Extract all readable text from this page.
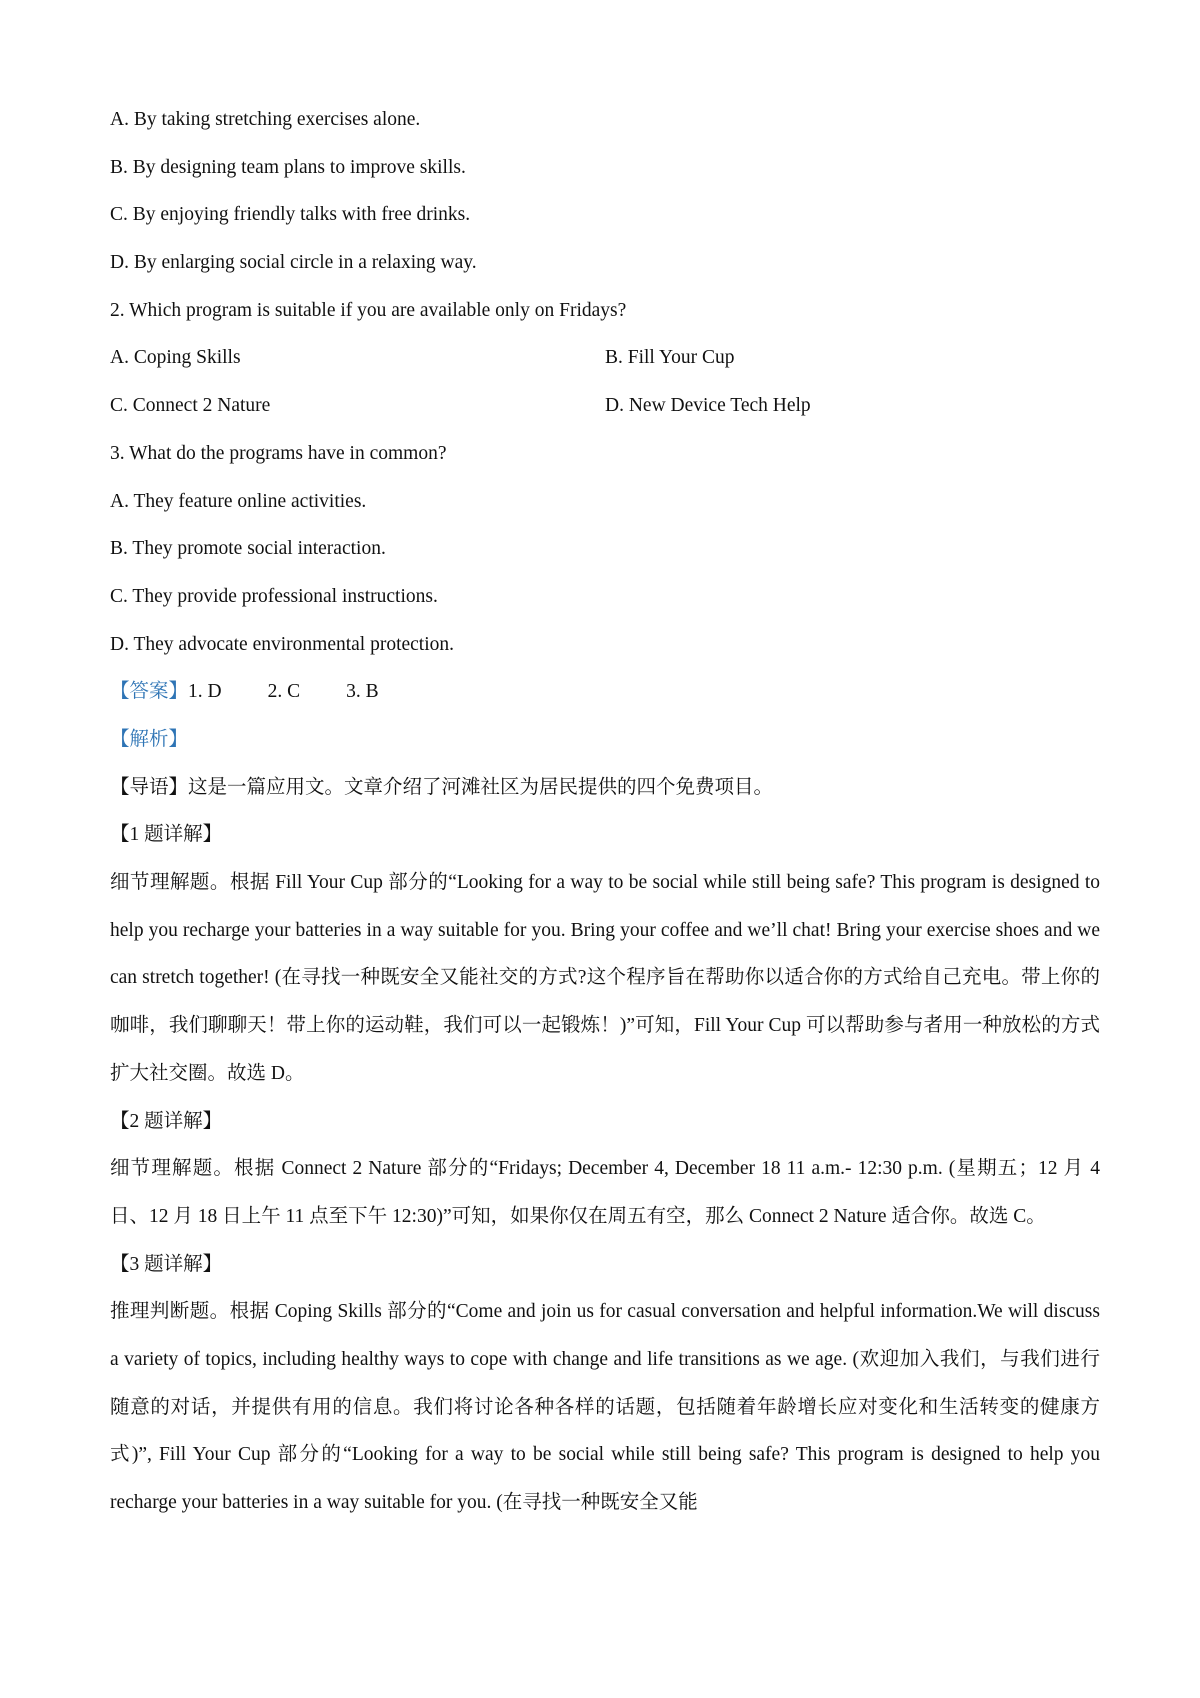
A. By taking stretching exercises alone.
B. By designing team plans to improve skills.
C. By enjoying friendly talks with free drinks.
D. By enlarging social circle in a relaxing way.
2. Which program is suitable if you are available only on Fridays?
A. Coping Skills	B. Fill Your Cup
C. Connect 2 Nature	D. New Device Tech Help
3. What do the programs have in common?
A. They feature online activities.
B. They promote social interaction.
C. They provide professional instructions.
D. They advocate environmental protection.
【答案】1. D 2. C 3. B
【解析】
【导语】这是一篇应用文。文章介绍了河滩社区为居民提供的四个免费项目。
【1 题详解】
细节理解题。根据 Fill Your Cup 部分的“Looking for a way to be social while still being safe? This program is designed to help you recharge your batteries in a way suitable for you. Bring your coffee and we’ll chat! Bring your exercise shoes and we can stretch together! (在寻找一种既安全又能社交的方式?这个程序旨在帮助你以适合你的方式给自己充电。带上你的咖啡，我们聊聊天！带上你的运动鞋，我们可以一起锻炼！)”可知，Fill Your Cup 可以帮助参与者用一种放松的方式扩大社交圈。故选 D。
【2 题详解】
细节理解题。根据 Connect 2 Nature 部分的“Fridays; December 4, December 18 11 a.m.- 12:30 p.m. (星期五；12 月 4 日、12 月 18 日上午 11 点至下午 12:30)”可知，如果你仅在周五有空，那么 Connect 2 Nature 适合你。故选 C。
【3 题详解】
推理判断题。根据 Coping Skills 部分的“Come and join us for casual conversation and helpful information.We will discuss a variety of topics, including healthy ways to cope with change and life transitions as we age. (欢迎加入我们，与我们进行随意的对话，并提供有用的信息。我们将讨论各种各样的话题，包括随着年龄增长应对变化和生活转变的健康方式)”, Fill Your Cup 部分的“Looking for a way to be social while still being safe? This program is designed to help you recharge your batteries in a way suitable for you. (在寻找一种既安全又能
